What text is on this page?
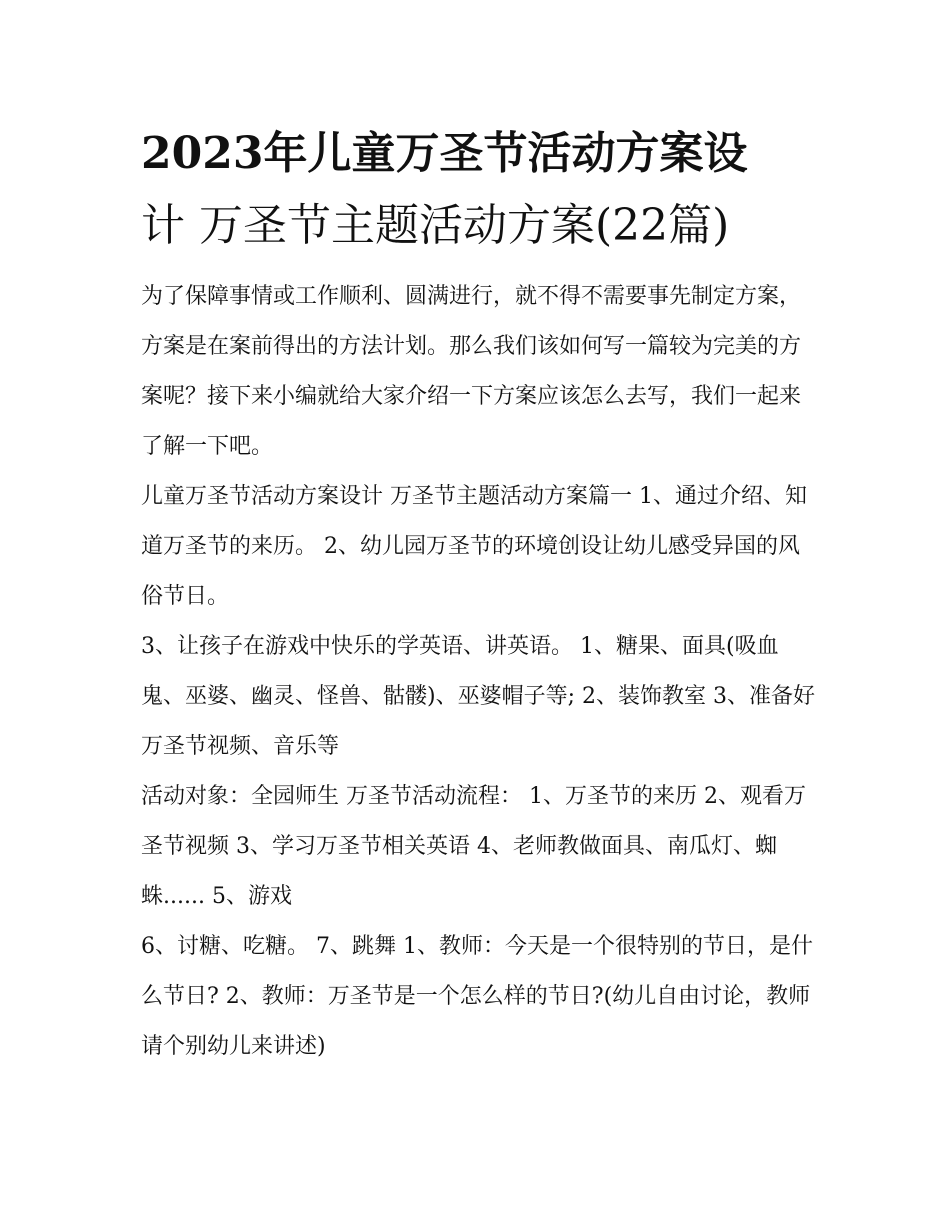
2023年儿童万圣节活动方案设
计 万圣节主题活动方案(22篇)

为了保障事情或工作顺利、圆满进行，就不得不需要事先制定方案，方案是在案前得出的方法计划。那么我们该如何写一篇较为完美的方案呢？接下来小编就给大家介绍一下方案应该怎么去写，我们一起来了解一下吧。

儿童万圣节活动方案设计 万圣节主题活动方案篇一 1、通过介绍、知道万圣节的来历。 2、幼儿园万圣节的环境创设让幼儿感受异国的风俗节日。

3、让孩子在游戏中快乐的学英语、讲英语。 1、糖果、面具(吸血鬼、巫婆、幽灵、怪兽、骷髅)、巫婆帽子等; 2、装饰教室 3、准备好万圣节视频、音乐等

活动对象：全园师生 万圣节活动流程： 1、万圣节的来历 2、观看万圣节视频 3、学习万圣节相关英语 4、老师教做面具、南瓜灯、蜘蛛...... 5、游戏

6、讨糖、吃糖。 7、跳舞 1、教师：今天是一个很特别的节日，是什么节日? 2、教师：万圣节是一个怎么样的节日?(幼儿自由讨论，教师请个别幼儿来讲述)
